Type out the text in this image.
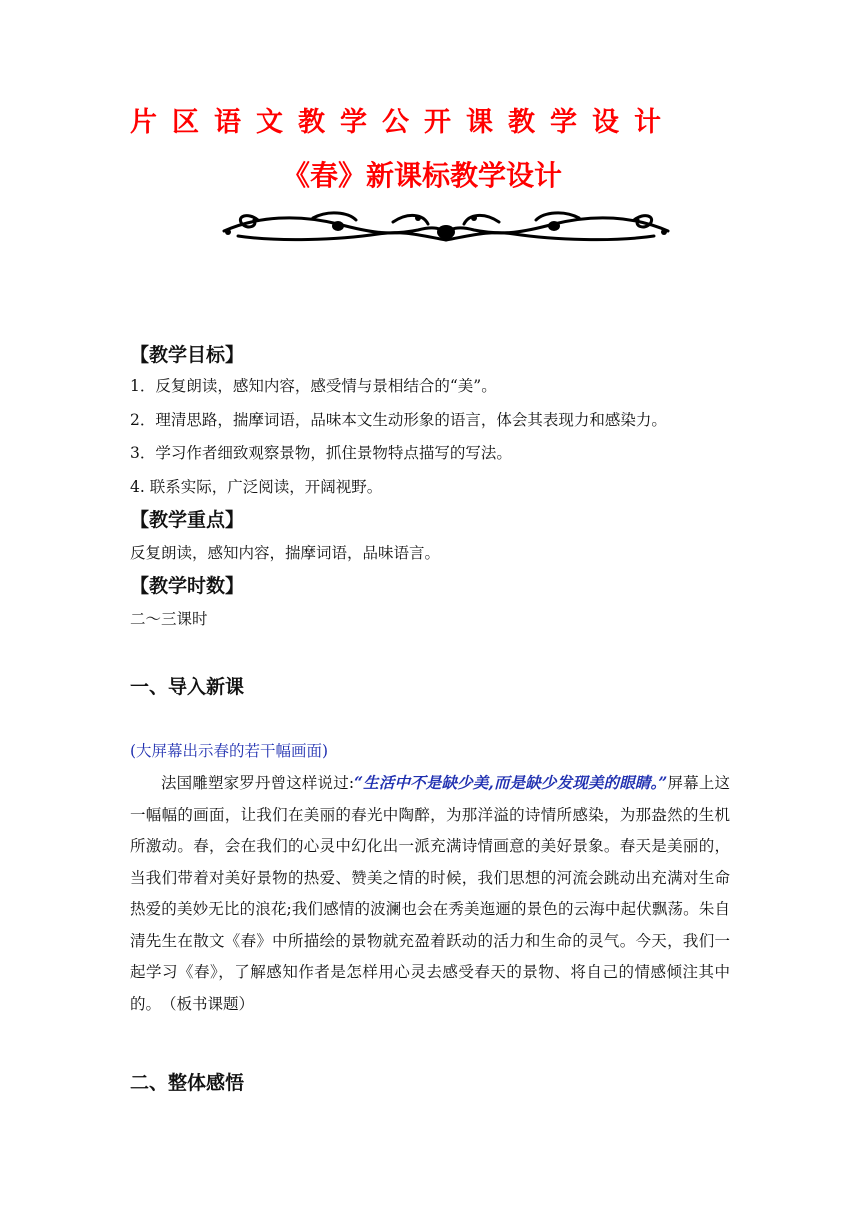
片区语文教学公开课教学设计
《春》新课标教学设计
【教学目标】
1．反复朗读，感知内容，感受情与景相结合的“美”。
2．理清思路，揣摩词语，品味本文生动形象的语言，体会其表现力和感染力。
3．学习作者细致观察景物，抓住景物特点描写的写法。
4. 联系实际，广泛阅读，开阔视野。
【教学重点】
反复朗读，感知内容，揣摩词语，品味语言。
【教学时数】
二～三课时
一、导入新课
(大屏幕出示春的若干幅画面)

法国雕塑家罗丹曾这样说过:“生活中不是缺少美,而是缺少发现美的眼睛。”屏幕上这一幅幅的画面，让我们在美丽的春光中陶醉，为那洋溢的诗情所感染，为那盎然的生机所激动。春，会在我们的心灵中幻化出一派充满诗情画意的美好景象。春天是美丽的，当我们带着对美好景物的热爱、赞美之情的时候，我们思想的河流会跳动出充满对生命热爱的美妙无比的浪花;我们感情的波澜也会在秀美迤逦的景色的云海中起伏飘荡。朱自清先生在散文《春》中所描绘的景物就充盈着跃动的活力和生命的灵气。今天，我们一起学习《春》，了解感知作者是怎样用心灵去感受春天的景物、将自己的情感倾注其中的。　（板书课题）

二、整体感悟
